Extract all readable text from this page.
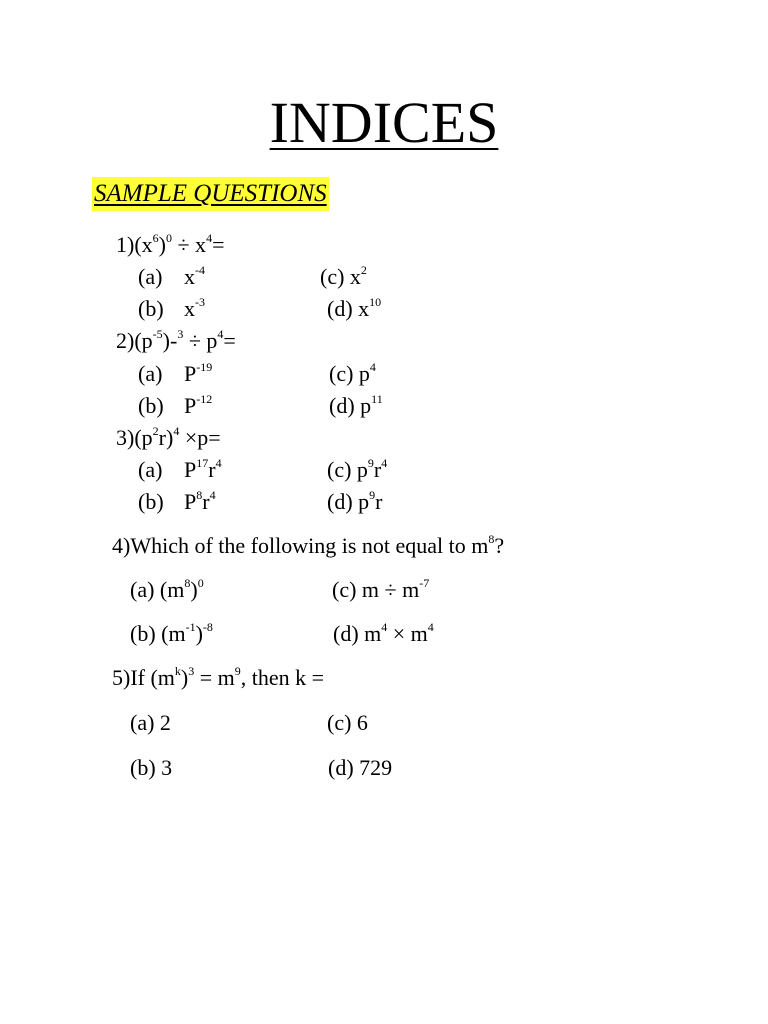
INDICES
SAMPLE QUESTIONS
$1)(x^6)^0 \div x^4=$
(a) $x^{-4}$	(c) $x^2$
(b) $x^{-3}$	(d) $x^{10}$
$2)(p^{-5})-^3 \div p^4=$
(a) $P^{-19}$	(c) $p^4$
(b) $P^{-12}$	(d) $p^{11}$
$3)(p^2r)^4 \times p=$
(a) $P^{17}r^4$	(c) $p^9r^4$
(b) $P^8r^4$	(d) $p^9r$
4)Which of the following is not equal to $m^8$?
(a) $(m^8)^0$	(c) $m \div m^{-7}$
(b) $(m^{-1})^{-8}$	(d) $m^4 \times m^4$
5)If $(m^k)^3 = m^9$, then k =
(a) 2	(c) 6
(b) 3	(d) 729
